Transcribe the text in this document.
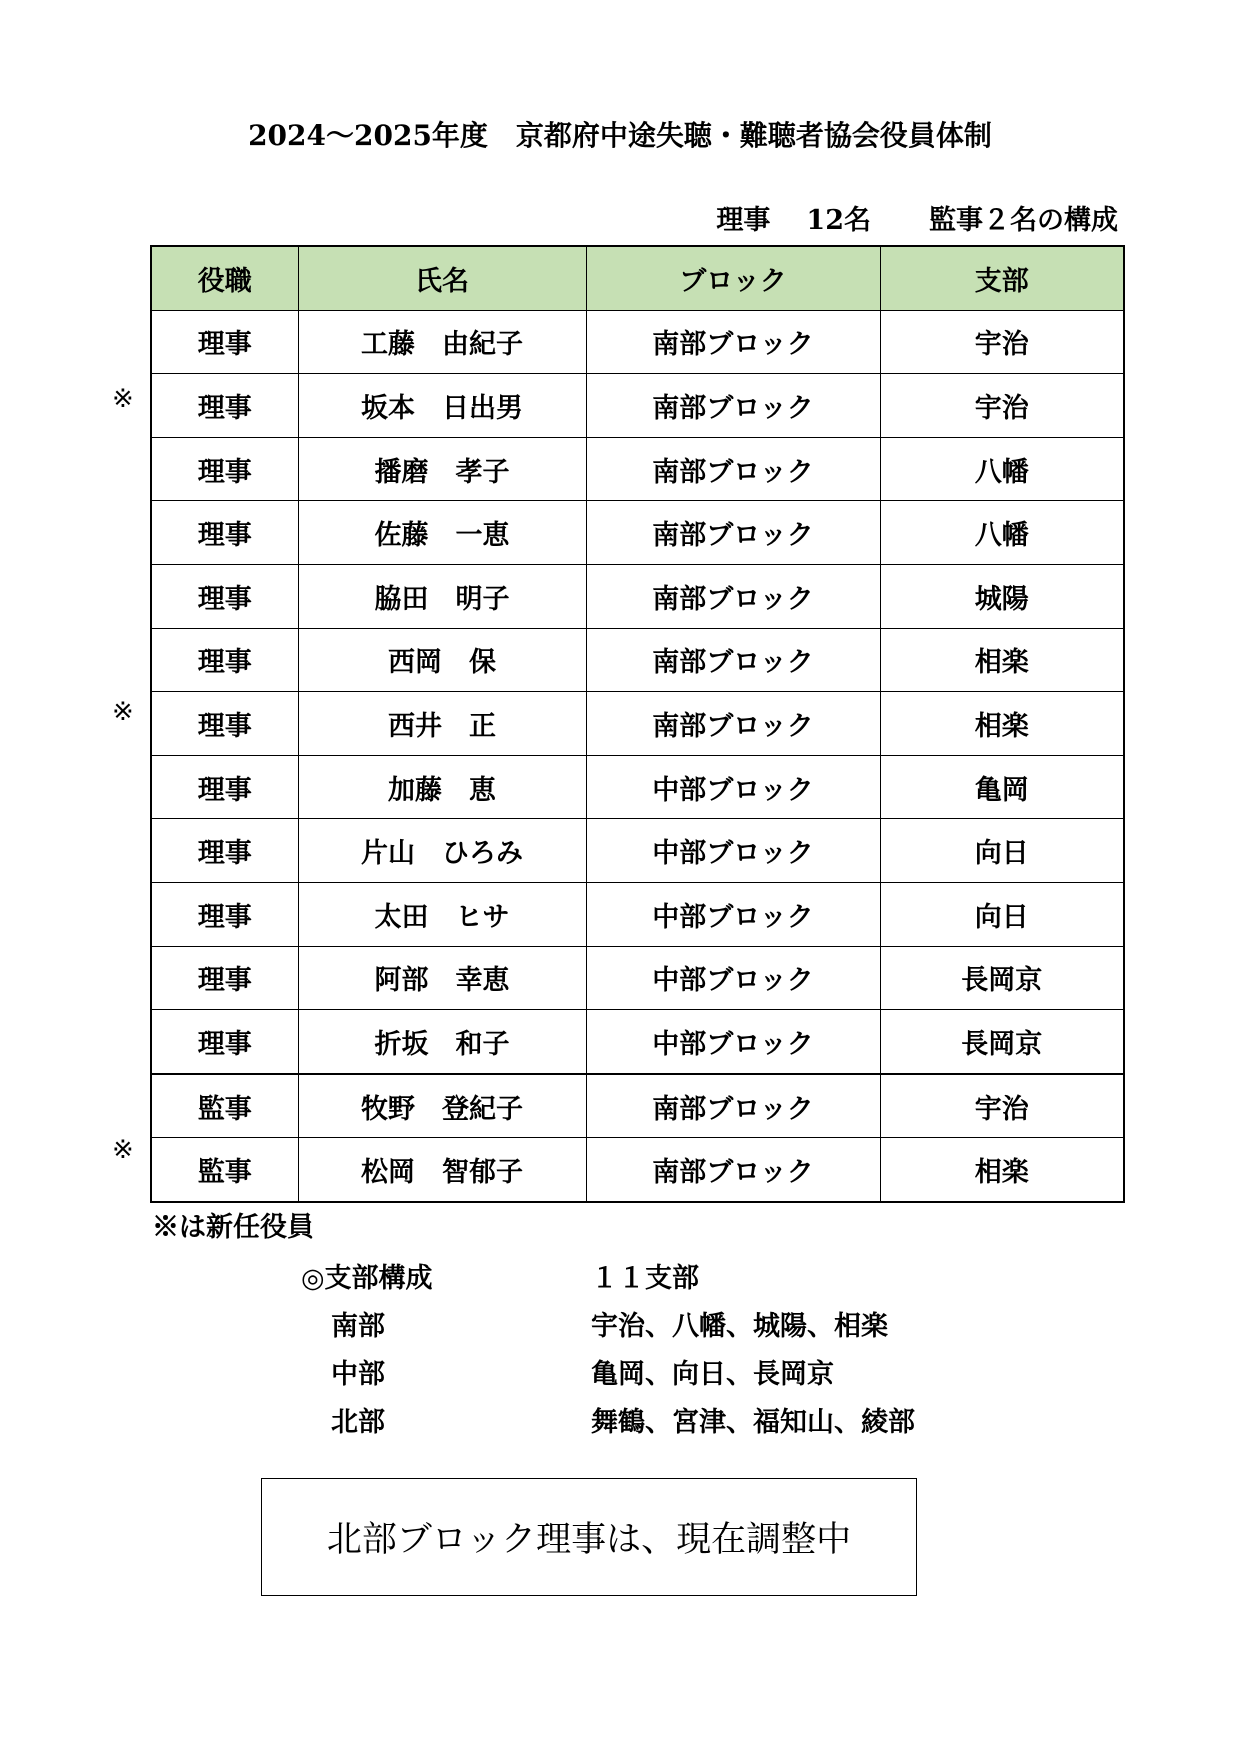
2024～2025年度　京都府中途失聴・難聴者協会役員体制
理事 12名 監事２名の構成
役職	氏名	ブロック	支部
理事	工藤　由紀子	南部ブロック	宇治
理事	坂本　日出男	南部ブロック	宇治
理事	播磨　孝子	南部ブロック	八幡
理事	佐藤　一恵	南部ブロック	八幡
理事	脇田　明子	南部ブロック	城陽
理事	西岡　保	南部ブロック	相楽
理事	西井　正	南部ブロック	相楽
理事	加藤　恵	中部ブロック	亀岡
理事	片山　ひろみ	中部ブロック	向日
理事	太田　ヒサ	中部ブロック	向日
理事	阿部　幸恵	中部ブロック	長岡京
理事	折坂　和子	中部ブロック	長岡京
監事	牧野　登紀子	南部ブロック	宇治
監事	松岡　智郁子	南部ブロック	相楽
※
※
※
※は新任役員
◎支部構成	１１支部
南部	宇治、八幡、城陽、相楽
中部	亀岡、向日、長岡京
北部	舞鶴、宮津、福知山、綾部
北部ブロック理事は、現在調整中
